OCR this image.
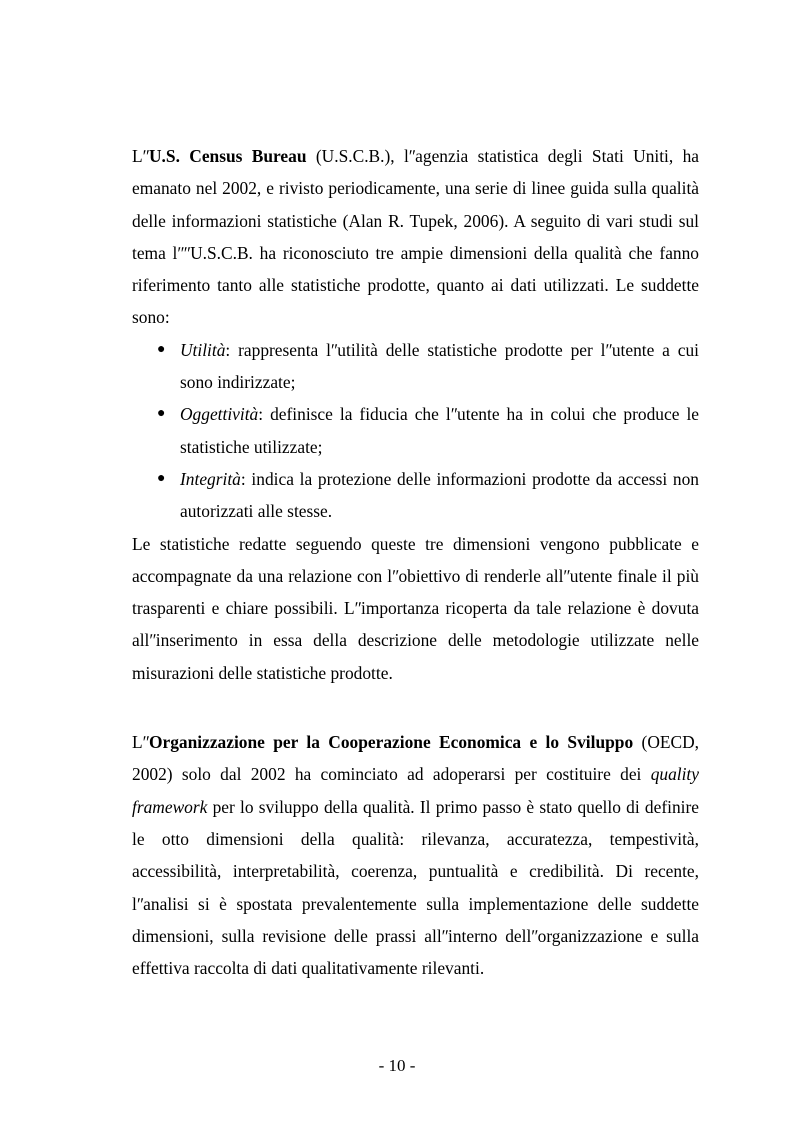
LʺU.S. Census Bureau (U.S.C.B.), lʺagenzia statistica degli Stati Uniti, ha emanato nel 2002, e rivisto periodicamente, una serie di linee guida sulla qualità delle informazioni statistiche (Alan R. Tupek, 2006). A seguito di vari studi sul tema lʺʺU.S.C.B. ha riconosciuto tre ampie dimensioni della qualità che fanno riferimento tanto alle statistiche prodotte, quanto ai dati utilizzati. Le suddette sono:

● Utilità: rappresenta lʺutilità delle statistiche prodotte per lʺutente a cui sono indirizzate;
● Oggettività: definisce la fiducia che lʺutente ha in colui che produce le statistiche utilizzate;
● Integrità: indica la protezione delle informazioni prodotte da accessi non autorizzati alle stesse.

Le statistiche redatte seguendo queste tre dimensioni vengono pubblicate e accompagnate da una relazione con lʺobiettivo di renderle allʺutente finale il più trasparenti e chiare possibili. Lʺimportanza ricoperta da tale relazione è dovuta allʺinserimento in essa della descrizione delle metodologie utilizzate nelle misurazioni delle statistiche prodotte.

LʺOrganizzazione per la Cooperazione Economica e lo Sviluppo (OECD, 2002) solo dal 2002 ha cominciato ad adoperarsi per costituire dei quality framework per lo sviluppo della qualità. Il primo passo è stato quello di definire le otto dimensioni della qualità: rilevanza, accuratezza, tempestività, accessibilità, interpretabilità, coerenza, puntualità e credibilità. Di recente, lʺanalisi si è spostata prevalentemente sulla implementazione delle suddette dimensioni, sulla revisione delle prassi allʺinterno dellʺorganizzazione e sulla effettiva raccolta di dati qualitativamente rilevanti.

- 10 -
